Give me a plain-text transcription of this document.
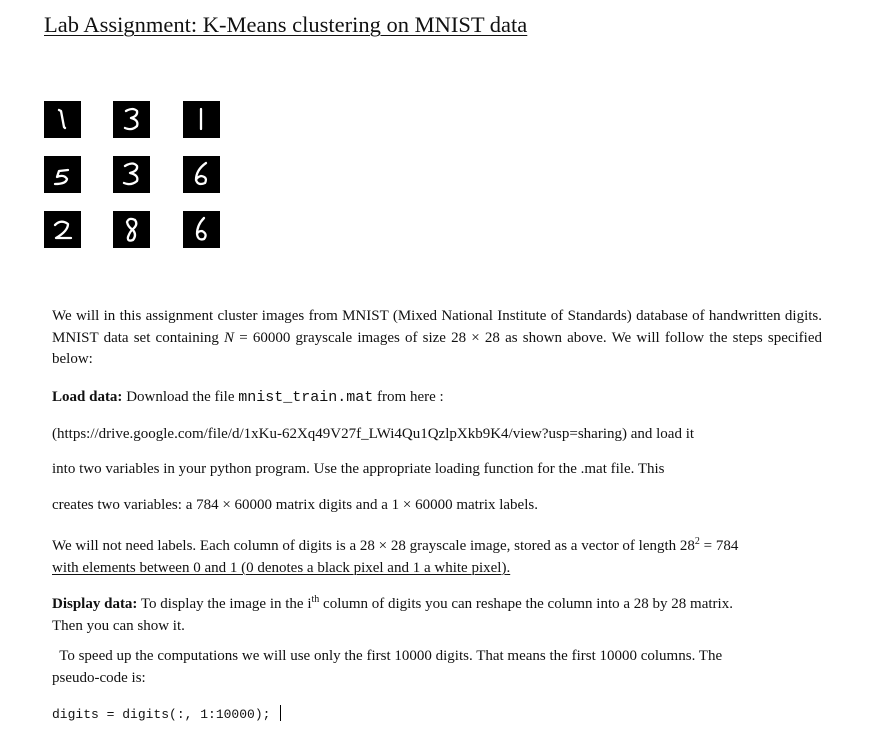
Lab Assignment: K-Means clustering on MNIST data

We will in this assignment cluster images from MNIST (Mixed National Institute of Standards) database of handwritten digits. MNIST data set containing N = 60000 grayscale images of size 28 × 28 as shown above. We will follow the steps specified below:

Load data: Download the file mnist_train.mat from here :

(https://drive.google.com/file/d/1xKu-62Xq49V27f_LWi4Qu1QzlpXkb9K4/view?usp=sharing) and load it

into two variables in your python program. Use the appropriate loading function for the .mat file. This

creates two variables: a 784 × 60000 matrix digits and a 1 × 60000 matrix labels.

We will not need labels. Each column of digits is a 28 × 28 grayscale image, stored as a vector of length $28^2 = 784$
with elements between 0 and 1 (0 denotes a black pixel and 1 a white pixel).

Display data: To display the image in the $i^{th}$ column of digits you can reshape the column into a 28 by 28 matrix.
Then you can show it.

To speed up the computations we will use only the first 10000 digits. That means the first 10000 columns. The
pseudo-code is:

digits = digits(:, 1:10000);
